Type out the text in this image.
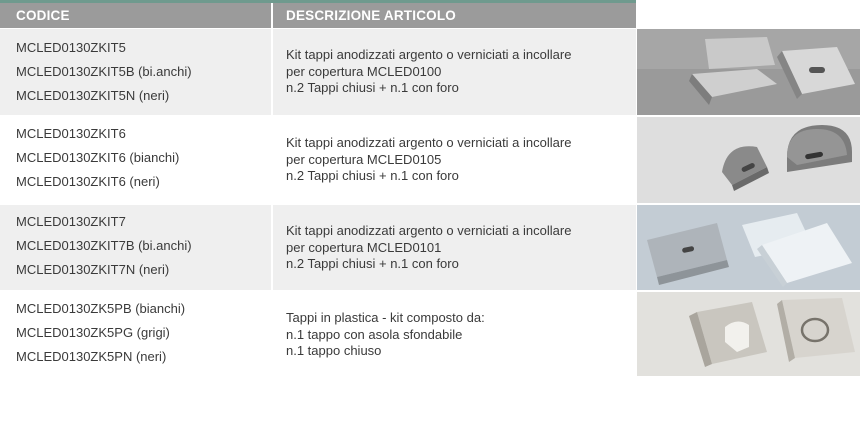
CODICE	DESCRIZIONE ARTICOLO
MCLED0130ZKIT5
MCLED0130ZKIT5B (bi.anchi)
MCLED0130ZKIT5N (neri)
Kit tappi anodizzati argento o verniciati a incollare
per copertura MCLED0100
n.2 Tappi chiusi + n.1 con foro
MCLED0130ZKIT6
MCLED0130ZKIT6 (bianchi)
MCLED0130ZKIT6 (neri)
Kit tappi anodizzati argento o verniciati a incollare
per copertura MCLED0105
n.2 Tappi chiusi + n.1 con foro
MCLED0130ZKIT7
MCLED0130ZKIT7B (bi.anchi)
MCLED0130ZKIT7N (neri)
Kit tappi anodizzati argento o verniciati a incollare
per copertura MCLED0101
n.2 Tappi chiusi + n.1 con foro
MCLED0130ZK5PB (bianchi)
MCLED0130ZK5PG (grigi)
MCLED0130ZK5PN (neri)
Tappi in plastica - kit composto da:
n.1 tappo con asola sfondabile
n.1 tappo chiuso
